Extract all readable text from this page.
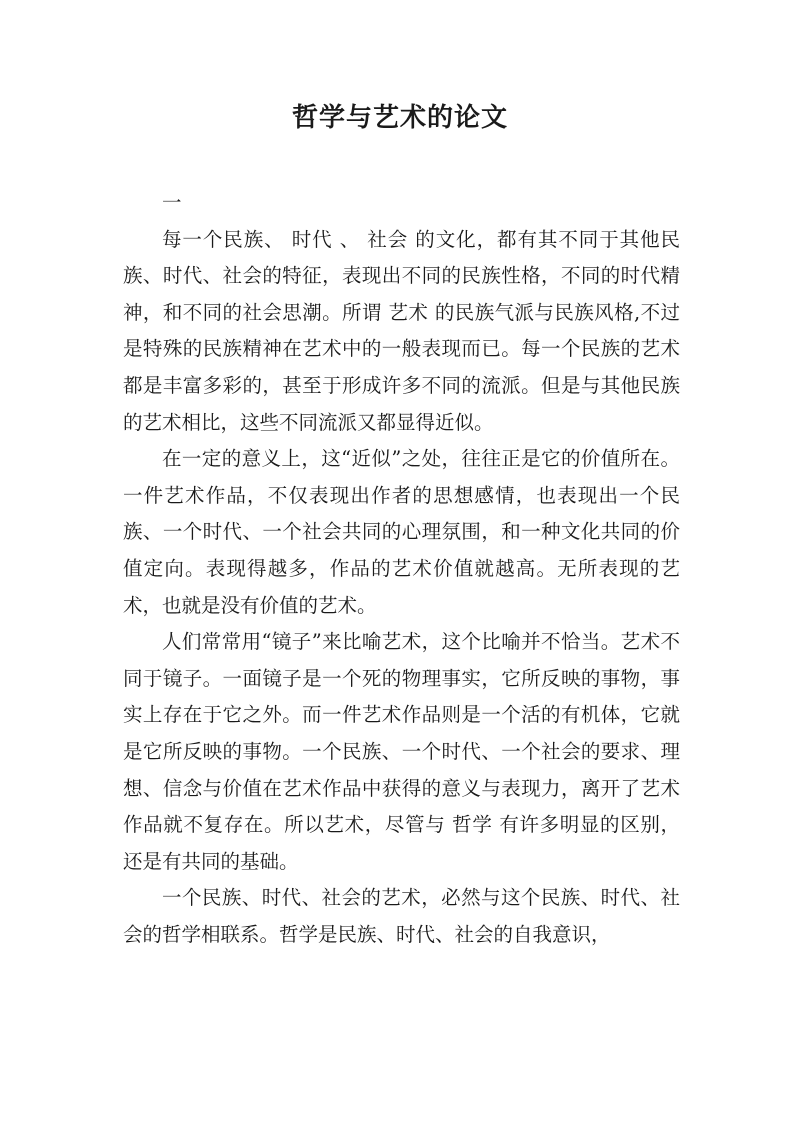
哲学与艺术的论文

一

每一个民族、 时代 、 社会 的文化，都有其不同于其他民族、时代、社会的特征，表现出不同的民族性格，不同的时代精神，和不同的社会思潮。所谓 艺术 的民族气派与民族风格,不过是特殊的民族精神在艺术中的一般表现而已。每一个民族的艺术都是丰富多彩的，甚至于形成许多不同的流派。但是与其他民族的艺术相比，这些不同流派又都显得近似。

在一定的意义上，这“近似”之处，往往正是它的价值所在。一件艺术作品，不仅表现出作者的思想感情，也表现出一个民族、一个时代、一个社会共同的心理氛围，和一种文化共同的价值定向。表现得越多，作品的艺术价值就越高。无所表现的艺术，也就是没有价值的艺术。

人们常常用“镜子”来比喻艺术，这个比喻并不恰当。艺术不同于镜子。一面镜子是一个死的物理事实，它所反映的事物，事实上存在于它之外。而一件艺术作品则是一个活的有机体，它就是它所反映的事物。一个民族、一个时代、一个社会的要求、理想、信念与价值在艺术作品中获得的意义与表现力，离开了艺术作品就不复存在。所以艺术，尽管与 哲学 有许多明显的区别，还是有共同的基础。

一个民族、时代、社会的艺术，必然与这个民族、时代、社会的哲学相联系。哲学是民族、时代、社会的自我意识，
